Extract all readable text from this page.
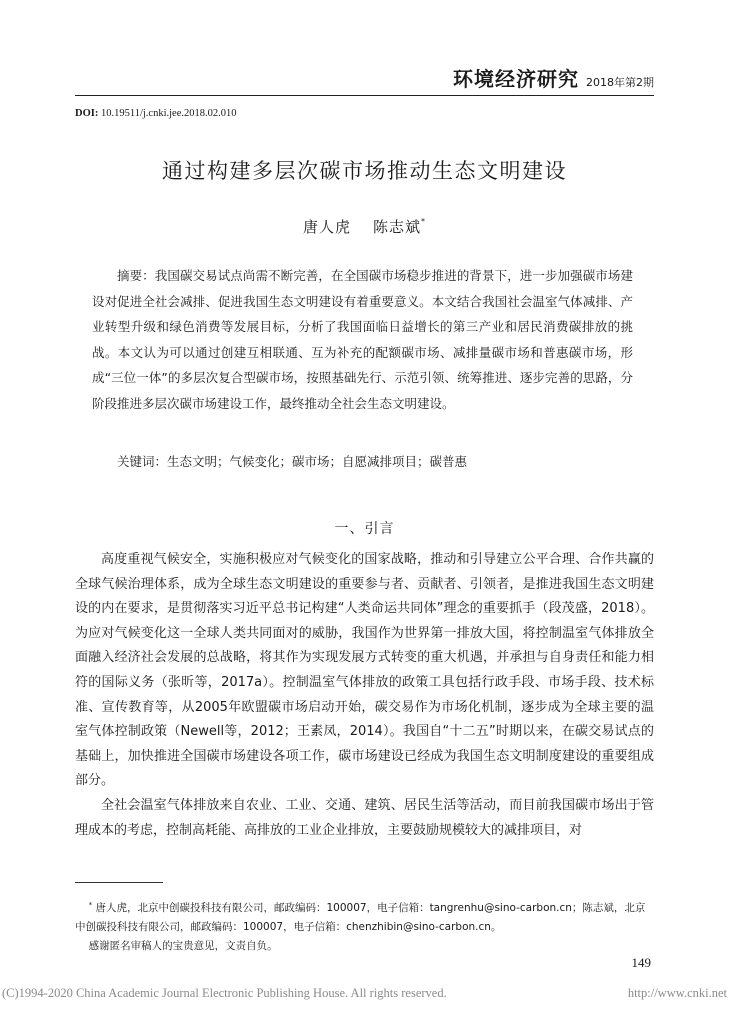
环境经济研究 2018年第2期
DOI: 10.19511/j.cnki.jee.2018.02.010
通过构建多层次碳市场推动生态文明建设
唐人虎 陈志斌*
摘要：我国碳交易试点尚需不断完善，在全国碳市场稳步推进的背景下，进一步加强碳市场建设对促进全社会减排、促进我国生态文明建设有着重要意义。本文结合我国社会温室气体减排、产业转型升级和绿色消费等发展目标，分析了我国面临日益增长的第三产业和居民消费碳排放的挑战。本文认为可以通过创建互相联通、互为补充的配额碳市场、减排量碳市场和普惠碳市场，形成“三位一体”的多层次复合型碳市场，按照基础先行、示范引领、统筹推进、逐步完善的思路，分阶段推进多层次碳市场建设工作，最终推动全社会生态文明建设。
关键词：生态文明；气候变化；碳市场；自愿减排项目；碳普惠
一、引言

高度重视气候安全，实施积极应对气候变化的国家战略，推动和引导建立公平合理、合作共赢的全球气候治理体系，成为全球生态文明建设的重要参与者、贡献者、引领者，是推进我国生态文明建设的内在要求，是贯彻落实习近平总书记构建“人类命运共同体”理念的重要抓手（段茂盛，2018）。为应对气候变化这一全球人类共同面对的威胁，我国作为世界第一排放大国，将控制温室气体排放全面融入经济社会发展的总战略，将其作为实现发展方式转变的重大机遇，并承担与自身责任和能力相符的国际义务（张昕等，2017a）。控制温室气体排放的政策工具包括行政手段、市场手段、技术标准、宣传教育等，从2005年欧盟碳市场启动开始，碳交易作为市场化机制，逐步成为全球主要的温室气体控制政策（Newell等，2012；王素凤，2014）。我国自“十二五”时期以来，在碳交易试点的基础上，加快推进全国碳市场建设各项工作，碳市场建设已经成为我国生态文明制度建设的重要组成部分。

全社会温室气体排放来自农业、工业、交通、建筑、居民生活等活动，而目前我国碳市场出于管理成本的考虑，控制高耗能、高排放的工业企业排放，主要鼓励规模较大的减排项目，对

* 唐人虎，北京中创碳投科技有限公司，邮政编码：100007，电子信箱：tangrenhu@sino-carbon.cn；陈志斌，北京中创碳投科技有限公司，邮政编码：100007，电子信箱：chenzhibin@sino-carbon.cn。
感谢匿名审稿人的宝贵意见，文责自负。
149
(C)1994-2020 China Academic Journal Electronic Publishing House. All rights reserved.	http://www.cnki.net
